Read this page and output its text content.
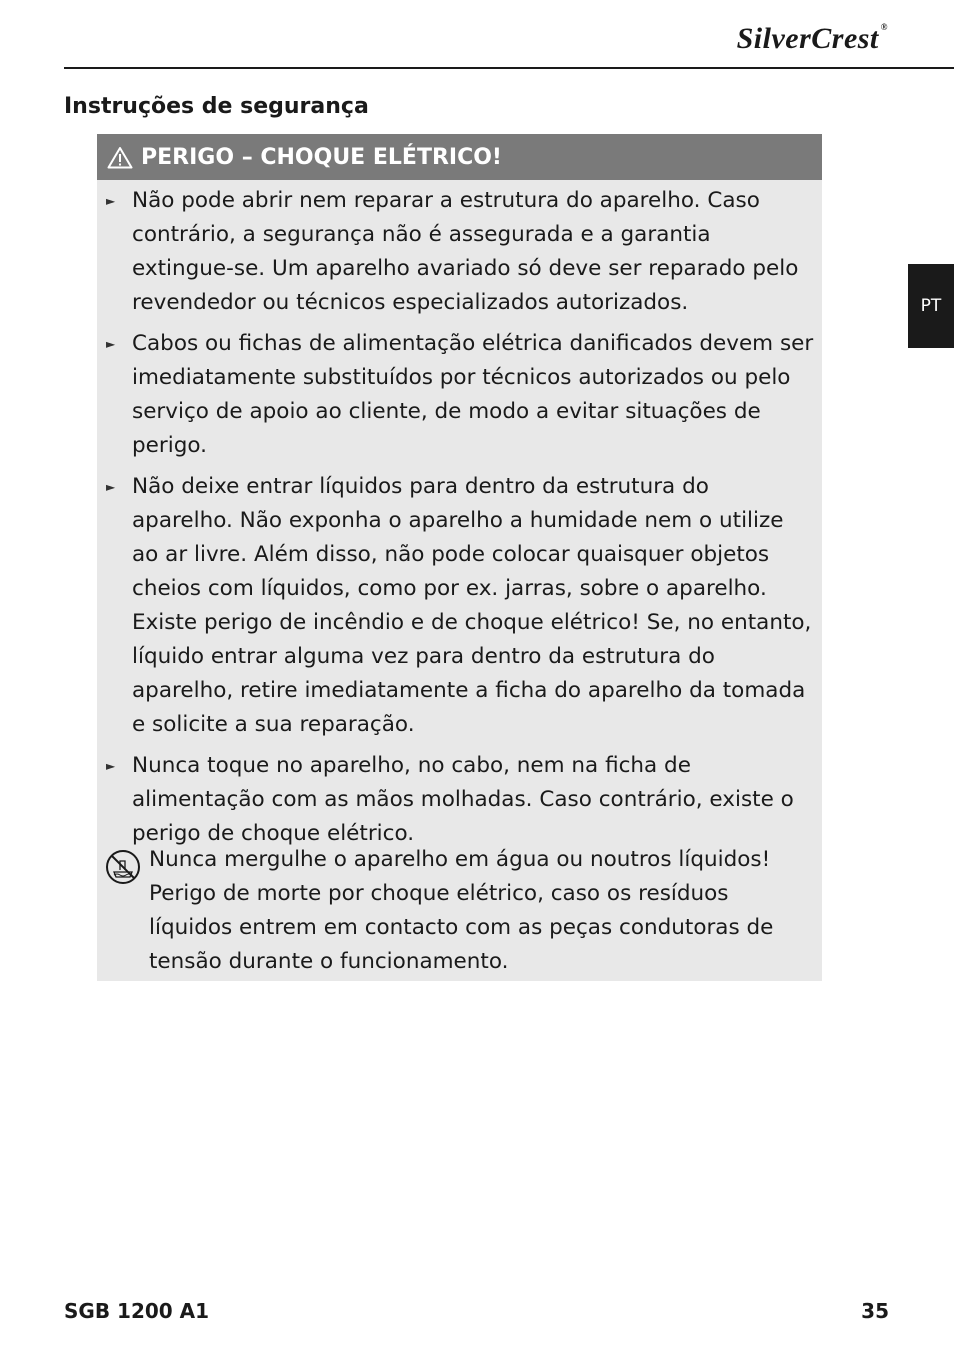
SilverCrest ®
PT
Instruções de segurança
PERIGO – CHOQUE ELÉTRICO!
► Não pode abrir nem reparar a estrutura do aparelho. Caso contrário, a segurança não é assegurada e a garantia extingue-se. Um aparelho avariado só deve ser reparado pelo revendedor ou técnicos especializados autorizados.
► Cabos ou fichas de alimentação elétrica danificados devem ser imediatamente substituídos por técnicos autorizados ou pelo serviço de apoio ao cliente, de modo a evitar situações de perigo.
► Não deixe entrar líquidos para dentro da estrutura do aparelho. Não exponha o aparelho a humidade nem o utilize ao ar livre. Além disso, não pode colocar quaisquer objetos cheios com líquidos, como por ex. jarras, sobre o aparelho. Existe perigo de incêndio e de choque elétrico! Se, no entanto, líquido entrar alguma vez para dentro da estrutura do aparelho, retire imediatamente a ficha do aparelho da tomada e solicite a sua reparação.
► Nunca toque no aparelho, no cabo, nem na ficha de alimentação com as mãos molhadas. Caso contrário, existe o perigo de choque elétrico.

Nunca mergulhe o aparelho em água ou noutros líquidos! Perigo de morte por choque elétrico, caso os resíduos líquidos entrem em contacto com as peças condutoras de tensão durante o funcionamento.

SGB 1200 A1	35
